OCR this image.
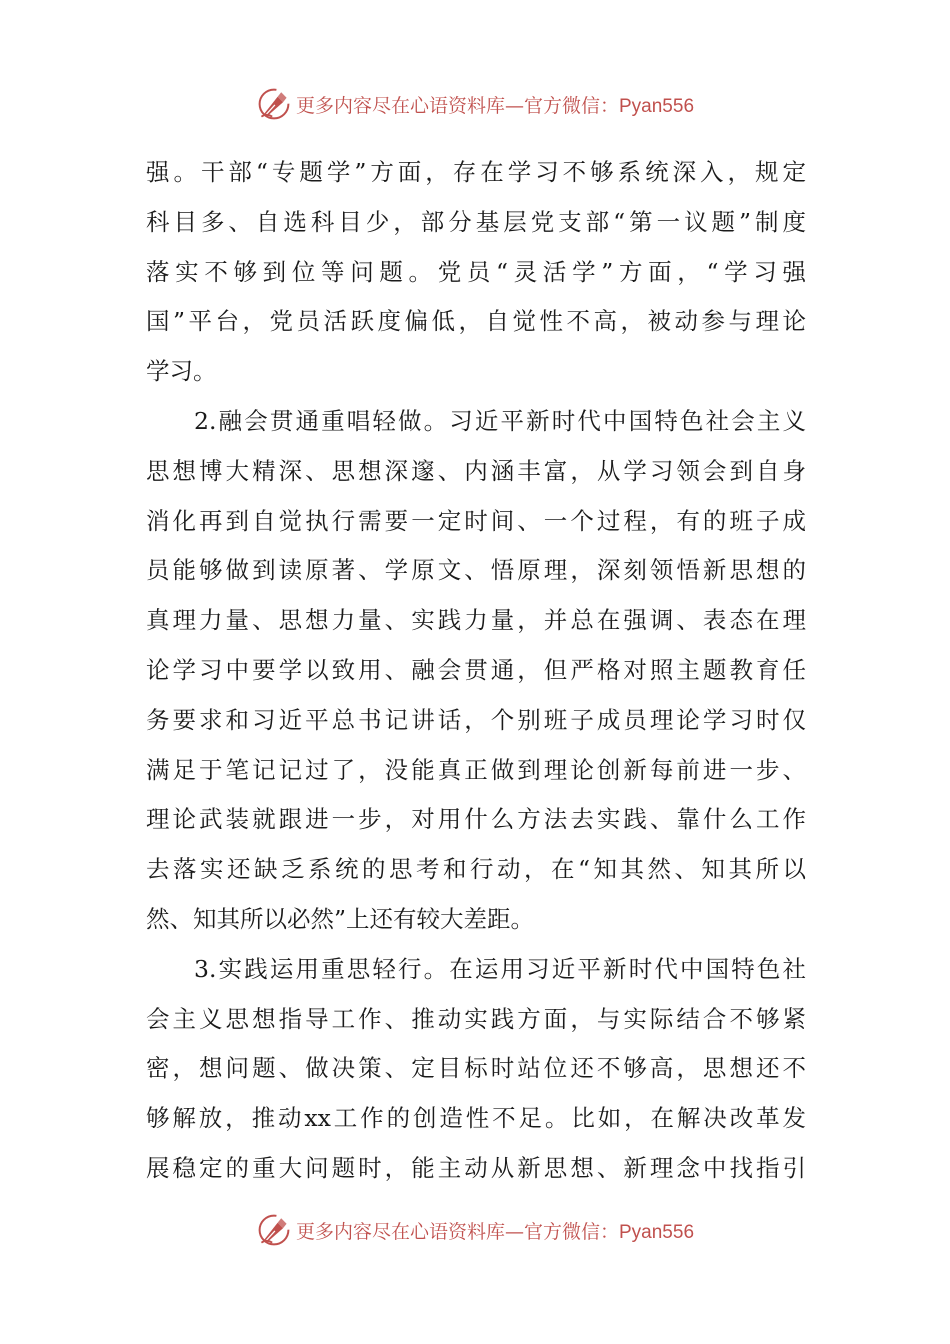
更多内容尽在心语资料库—官方微信：Pyan556
强。干部“专题学”方面，存在学习不够系统深入，规定
科目多、自选科目少，部分基层党支部“第一议题”制度
落实不够到位等问题。党员“灵活学”方面，“学习强
国”平台，党员活跃度偏低，自觉性不高，被动参与理论
学习。
2.融会贯通重唱轻做。习近平新时代中国特色社会主义
思想博大精深、思想深邃、内涵丰富，从学习领会到自身
消化再到自觉执行需要一定时间、一个过程，有的班子成
员能够做到读原著、学原文、悟原理，深刻领悟新思想的
真理力量、思想力量、实践力量，并总在强调、表态在理
论学习中要学以致用、融会贯通，但严格对照主题教育任
务要求和习近平总书记讲话，个别班子成员理论学习时仅
满足于笔记记过了，没能真正做到理论创新每前进一步、
理论武装就跟进一步，对用什么方法去实践、靠什么工作
去落实还缺乏系统的思考和行动，在“知其然、知其所以
然、知其所以必然”上还有较大差距。
3.实践运用重思轻行。在运用习近平新时代中国特色社
会主义思想指导工作、推动实践方面，与实际结合不够紧
密，想问题、做决策、定目标时站位还不够高，思想还不
够解放，推动xx工作的创造性不足。比如，在解决改革发
展稳定的重大问题时，能主动从新思想、新理念中找指引
更多内容尽在心语资料库—官方微信：Pyan556
